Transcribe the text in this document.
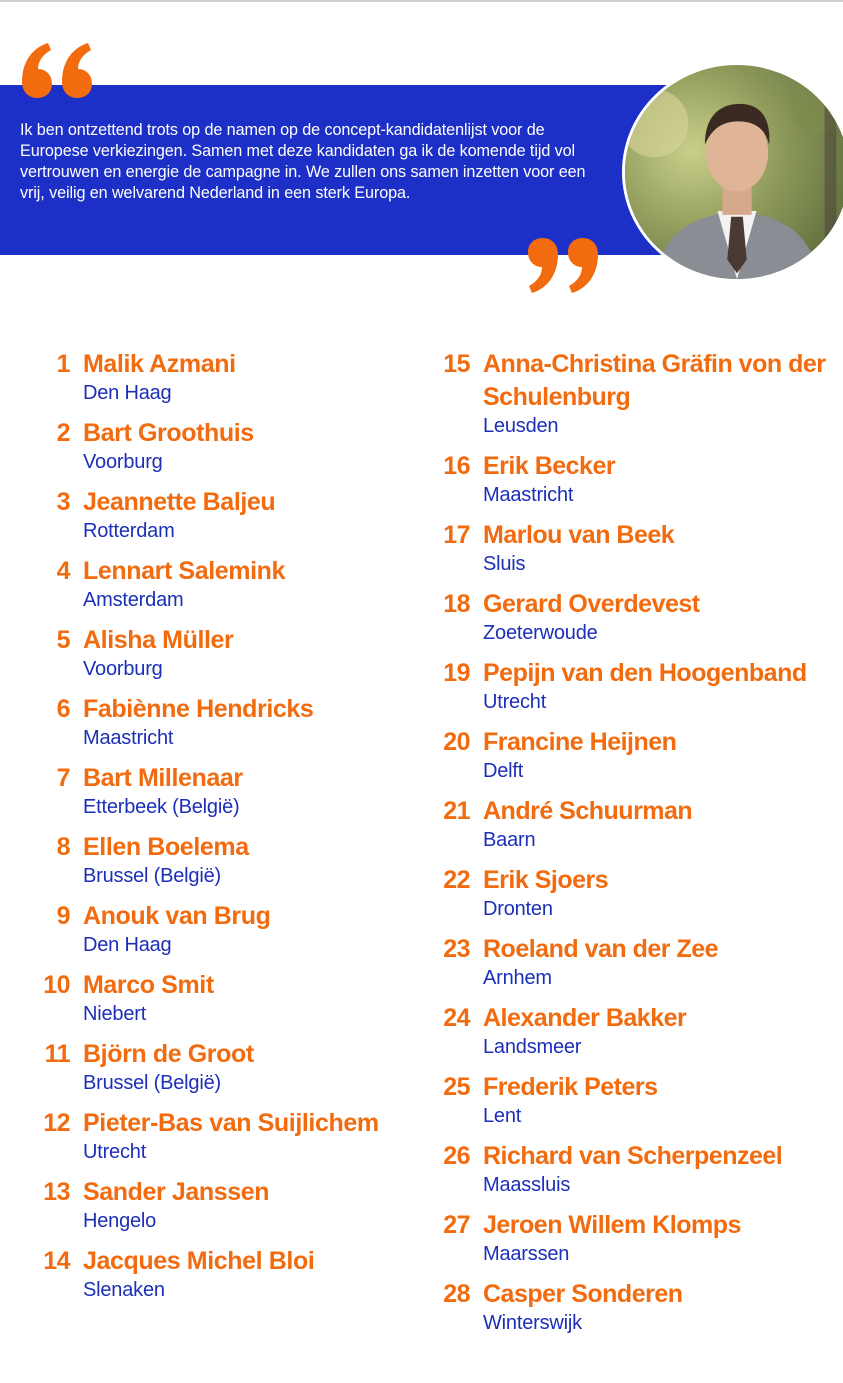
Ik ben ontzettend trots op de namen op de concept-kandidatenlijst voor de Europese verkiezingen. Samen met deze kandidaten ga ik de komende tijd vol vertrouwen en energie de campagne in. We zullen ons samen inzetten voor een vrij, veilig en welvarend Nederland in een sterk Europa.

1 Malik Azmani
Den Haag
2 Bart Groothuis
Voorburg
3 Jeannette Baljeu
Rotterdam
4 Lennart Salemink
Amsterdam
5 Alisha Müller
Voorburg
6 Fabiènne Hendricks
Maastricht
7 Bart Millenaar
Etterbeek (België)
8 Ellen Boelema
Brussel (België)
9 Anouk van Brug
Den Haag
10 Marco Smit
Niebert
11 Björn de Groot
Brussel (België)
12 Pieter-Bas van Suijlichem
Utrecht
13 Sander Janssen
Hengelo
14 Jacques Michel Bloi
Slenaken
15 Anna-Christina Gräfin von der Schulenburg
Leusden
16 Erik Becker
Maastricht
17 Marlou van Beek
Sluis
18 Gerard Overdevest
Zoeterwoude
19 Pepijn van den Hoogenband
Utrecht
20 Francine Heijnen
Delft
21 André Schuurman
Baarn
22 Erik Sjoers
Dronten
23 Roeland van der Zee
Arnhem
24 Alexander Bakker
Landsmeer
25 Frederik Peters
Lent
26 Richard van Scherpenzeel
Maassluis
27 Jeroen Willem Klomps
Maarssen
28 Casper Sonderen
Winterswijk
